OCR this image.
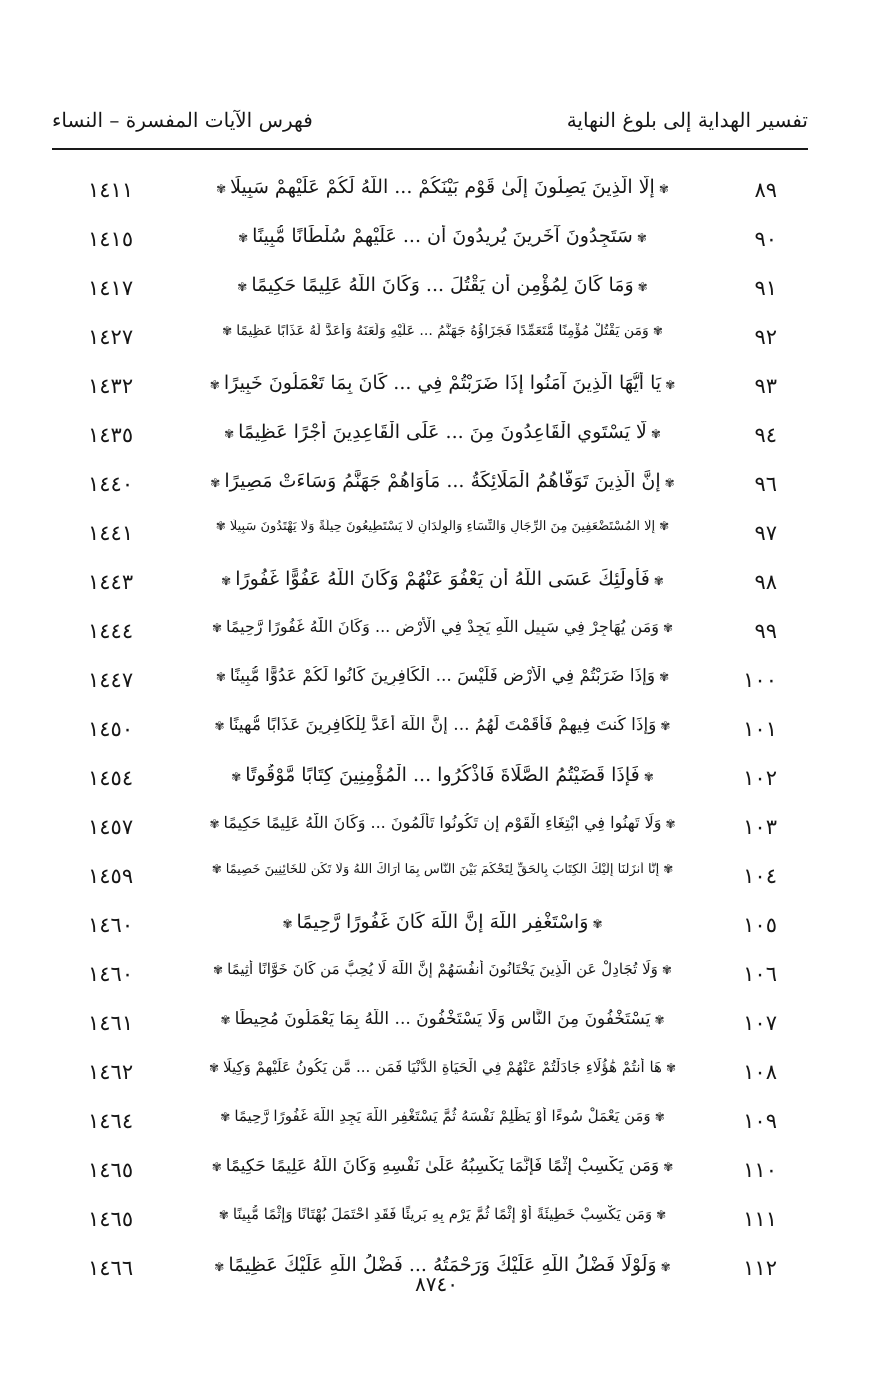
تفسير الهداية إلى بلوغ النهاية
فهرس الآيات المفسرة – النساء
٨٩
✾إِلَّا الَّذِينَ يَصِلُونَ إِلَىٰ قَوْمٍ بَيْنَكُمْ ... اللَّهُ لَكُمْ عَلَيْهِمْ سَبِيلًا✾
١٤١١
٩٠
✾سَتَجِدُونَ آخَرِينَ يُرِيدُونَ أَن ... عَلَيْهِمْ سُلْطَانًا مُّبِينًا✾
١٤١٥
٩١
✾وَمَا كَانَ لِمُؤْمِنٍ أَن يَقْتُلَ ... وَكَانَ اللَّهُ عَلِيمًا حَكِيمًا✾
١٤١٧
٩٢
✾وَمَن يَقْتُلْ مُؤْمِنًا مُّتَعَمِّدًا فَجَزَاؤُهُ جَهَنَّمُ ... عَلَيْهِ وَلَعَنَهُ وَأَعَدَّ لَهُ عَذَابًا عَظِيمًا✾
١٤٢٧
٩٣
✾يَا أَيُّهَا الَّذِينَ آمَنُوا إِذَا ضَرَبْتُمْ فِي ... كَانَ بِمَا تَعْمَلُونَ خَبِيرًا✾
١٤٣٢
٩٤
✾لَّا يَسْتَوِي الْقَاعِدُونَ مِنَ ... عَلَى الْقَاعِدِينَ أَجْرًا عَظِيمًا✾
١٤٣٥
٩٦
✾إِنَّ الَّذِينَ تَوَفَّاهُمُ الْمَلَائِكَةُ ... مَأْوَاهُمْ جَهَنَّمُ وَسَاءَتْ مَصِيرًا✾
١٤٤٠
٩٧
✾إِلَّا الْمُسْتَضْعَفِينَ مِنَ الرِّجَالِ وَالنِّسَاءِ وَالْوِلْدَانِ لَا يَسْتَطِيعُونَ حِيلَةً وَلَا يَهْتَدُونَ سَبِيلًا✾
١٤٤١
٩٨
✾فَأُولَٰئِكَ عَسَى اللَّهُ أَن يَعْفُوَ عَنْهُمْ وَكَانَ اللَّهُ عَفُوًّا غَفُورًا✾
١٤٤٣
٩٩
✾وَمَن يُهَاجِرْ فِي سَبِيلِ اللَّهِ يَجِدْ فِي الْأَرْضِ ... وَكَانَ اللَّهُ غَفُورًا رَّحِيمًا✾
١٤٤٤
١٠٠
✾وَإِذَا ضَرَبْتُمْ فِي الْأَرْضِ فَلَيْسَ ... الْكَافِرِينَ كَانُوا لَكُمْ عَدُوًّا مُّبِينًا✾
١٤٤٧
١٠١
✾وَإِذَا كُنتَ فِيهِمْ فَأَقَمْتَ لَهُمُ ... إِنَّ اللَّهَ أَعَدَّ لِلْكَافِرِينَ عَذَابًا مُّهِينًا✾
١٤٥٠
١٠٢
✾فَإِذَا قَضَيْتُمُ الصَّلَاةَ فَاذْكُرُوا ... الْمُؤْمِنِينَ كِتَابًا مَّوْقُوتًا✾
١٤٥٤
١٠٣
✾وَلَا تَهِنُوا فِي ابْتِغَاءِ الْقَوْمِ إِن تَكُونُوا تَأْلَمُونَ ... وَكَانَ اللَّهُ عَلِيمًا حَكِيمًا✾
١٤٥٧
١٠٤
✾إِنَّا أَنزَلْنَا إِلَيْكَ الْكِتَابَ بِالْحَقِّ لِتَحْكُمَ بَيْنَ النَّاسِ بِمَا أَرَاكَ اللَّهُ وَلَا تَكُن لِّلْخَائِنِينَ خَصِيمًا✾
١٤٥٩
١٠٥
✾وَاسْتَغْفِرِ اللَّهَ إِنَّ اللَّهَ كَانَ غَفُورًا رَّحِيمًا✾
١٤٦٠
١٠٦
✾وَلَا تُجَادِلْ عَنِ الَّذِينَ يَخْتَانُونَ أَنفُسَهُمْ إِنَّ اللَّهَ لَا يُحِبُّ مَن كَانَ خَوَّانًا أَثِيمًا✾
١٤٦٠
١٠٧
✾يَسْتَخْفُونَ مِنَ النَّاسِ وَلَا يَسْتَخْفُونَ ... اللَّهُ بِمَا يَعْمَلُونَ مُحِيطًا✾
١٤٦١
١٠٨
✾هَا أَنتُمْ هَٰؤُلَاءِ جَادَلْتُمْ عَنْهُمْ فِي الْحَيَاةِ الدُّنْيَا فَمَن ... مَّن يَكُونُ عَلَيْهِمْ وَكِيلًا✾
١٤٦٢
١٠٩
✾وَمَن يَعْمَلْ سُوءًا أَوْ يَظْلِمْ نَفْسَهُ ثُمَّ يَسْتَغْفِرِ اللَّهَ يَجِدِ اللَّهَ غَفُورًا رَّحِيمًا✾
١٤٦٤
١١٠
✾وَمَن يَكْسِبْ إِثْمًا فَإِنَّمَا يَكْسِبُهُ عَلَىٰ نَفْسِهِ وَكَانَ اللَّهُ عَلِيمًا حَكِيمًا✾
١٤٦٥
١١١
✾وَمَن يَكْسِبْ خَطِيئَةً أَوْ إِثْمًا ثُمَّ يَرْمِ بِهِ بَرِيئًا فَقَدِ احْتَمَلَ بُهْتَانًا وَإِثْمًا مُّبِينًا✾
١٤٦٥
١١٢
✾وَلَوْلَا فَضْلُ اللَّهِ عَلَيْكَ وَرَحْمَتُهُ ... فَضْلُ اللَّهِ عَلَيْكَ عَظِيمًا✾
١٤٦٦
٨٧٤٠
